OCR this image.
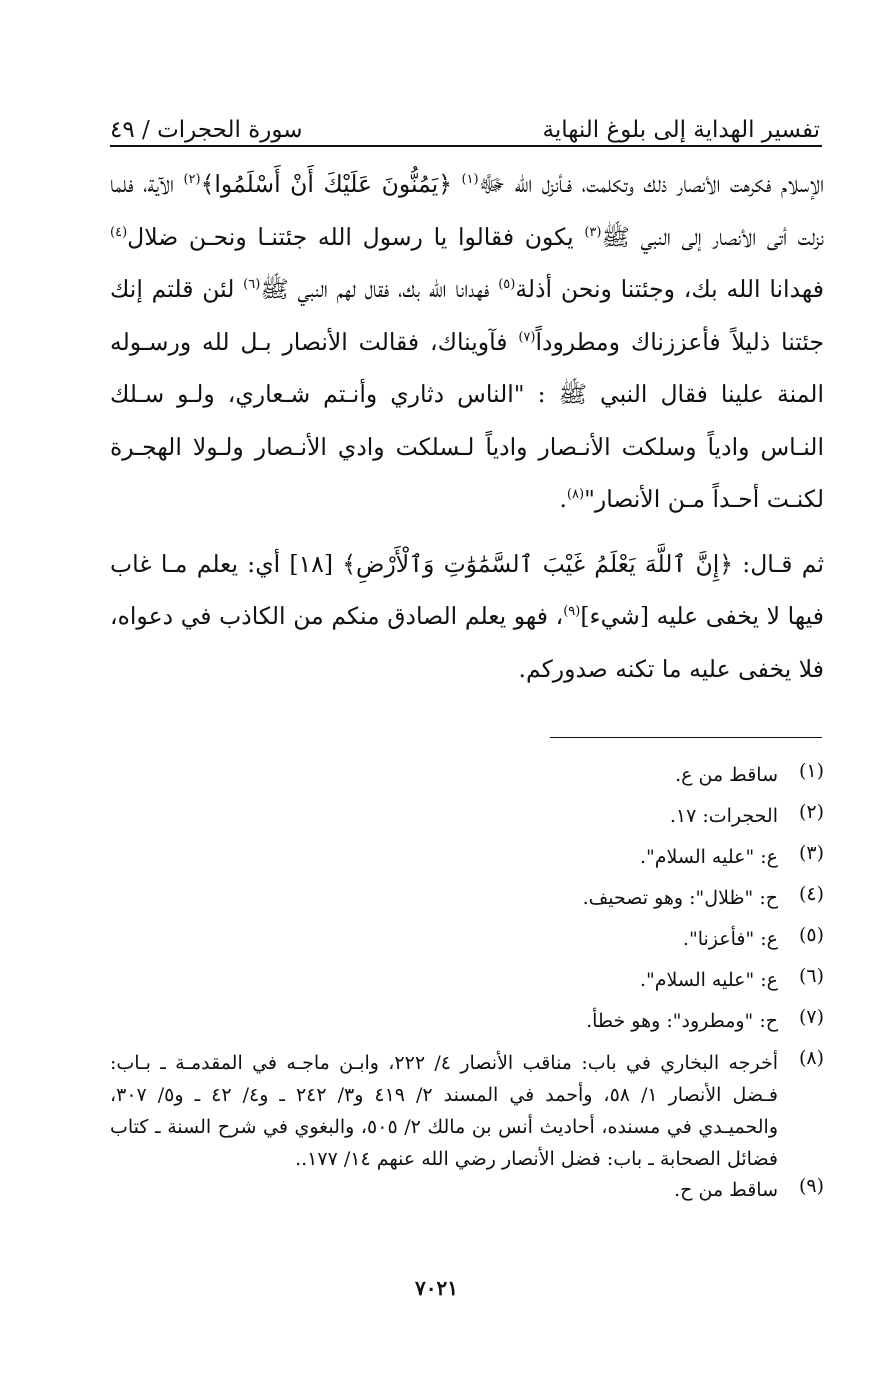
تفسير الهداية إلى بلوغ النهاية
سورة الحجرات / ٤٩

الإسلام فكرهت الأنصار ذلك وتكلمت، فـأنزل الله ﷻ$^{(١)}$ ﴿يَمُنُّونَ عَلَيْكَ أَنْ أَسْلَمُوا﴾$^{(٢)}$ الآية، فلما نزلت أتى الأنصار إلى النبي ﷺ$^{(٣)}$ يكون فقالوا يا رسول الله جئتنـا ونحـن ضلال$^{(٤)}$ فهدانا الله بك، وجئتنا ونحن أذلة$^{(٥)}$ فهدانا الله بك، فقال لهم النبي ﷺ$^{(٦)}$ لئن قلتم إنك جئتنا ذليلاً فأعززناك ومطروداً$^{(٧)}$ فآويناك، فقالت الأنصار بـل لله ورسـوله المنة علينا فقال النبي ﷺ : "الناس دثاري وأنـتم شـعاري، ولـو سـلك النـاس وادياً وسلكت الأنـصار وادياً لـسلكت وادي الأنـصار ولـولا الهجـرة لكنـت أحـداً مـن الأنصار"$^{(٨)}$.

ثم قـال: ﴿إِنَّ ٱللَّهَ يَعْلَمُ غَيْبَ ٱلسَّمَٰوَٰتِ وَٱلْأَرْضِ﴾ [١٨] أي: يعلم مـا غاب فيها لا يخفى عليه [شيء]$^{(٩)}$، فهو يعلم الصادق منكم من الكاذب في دعواه، فلا يخفى عليه ما تكنه صدوركم.

(١)
ساقط من ع.
(٢)
الحجرات: ١٧.
(٣)
ع: "عليه السلام".
(٤)
ح: "ظلال": وهو تصحيف.
(٥)
ع: "فأعزنا".
(٦)
ع: "عليه السلام".
(٧)
ح: "ومطرود": وهو خطأ.
(٨)
أخرجه البخاري في باب: مناقب الأنصار ٤/ ٢٢٢، وابـن ماجـه في المقدمـة ـ بـاب: فـضل الأنصار ١/ ٥٨، وأحمد في المسند ٢/ ٤١٩ و٣/ ٢٤٢ ـ و٤/ ٤٢ ـ و٥/ ٣٠٧، والحميـدي في مسنده، أحاديث أنس بن مالك ٢/ ٥٠٥، والبغوي في شرح السنة ـ كتاب فضائل الصحابة ـ باب: فضل الأنصار رضي الله عنهم ١٤/ ١٧٧..
(٩)
ساقط من ح.
٧٠٢١
